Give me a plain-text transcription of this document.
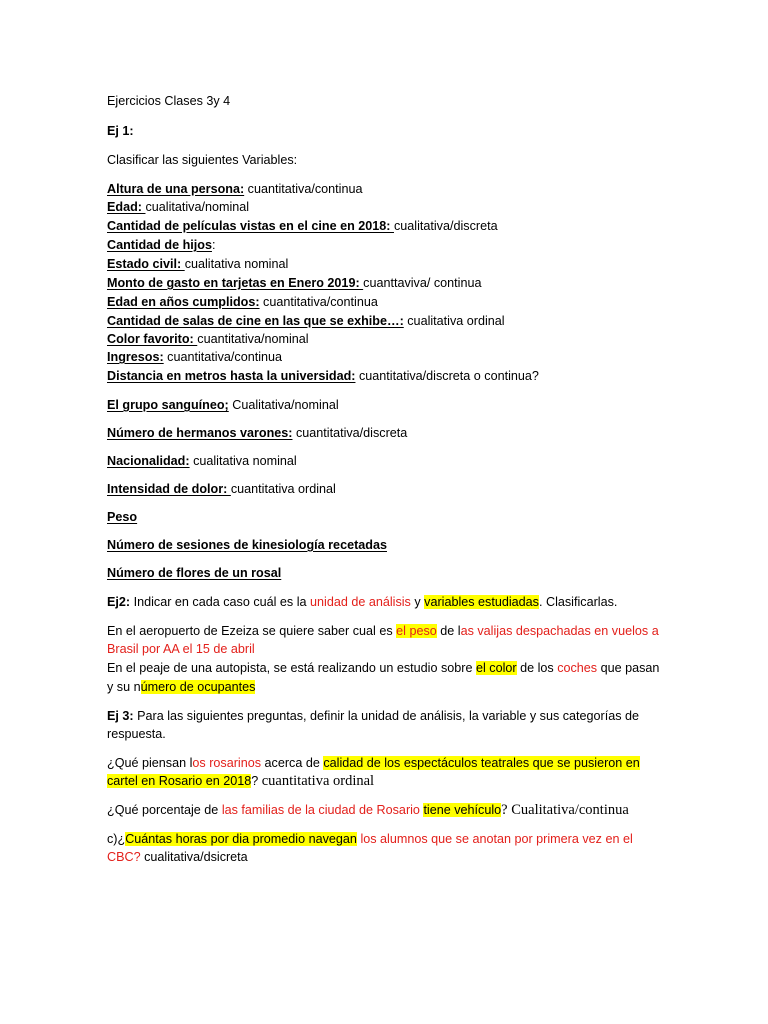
Ejercicios Clases 3y 4

Ej 1:

Clasificar las siguientes Variables:

Altura de una persona: cuantitativa/continua

Edad: cualitativa/nominal

Cantidad de películas vistas en el cine en 2018: cualitativa/discreta

Cantidad de hijos:

Estado civil: cualitativa nominal

Monto de gasto en tarjetas en Enero 2019: cuanttaviva/ continua

Edad en años cumplidos: cuantitativa/continua

Cantidad de salas de cine en las que se exhibe…: cualitativa ordinal

Color favorito: cuantitativa/nominal

Ingresos: cuantitativa/continua

Distancia en metros hasta la universidad: cuantitativa/discreta o continua?

El grupo sanguíneo; Cualitativa/nominal

Número de hermanos varones: cuantitativa/discreta

Nacionalidad: cualitativa nominal

Intensidad de dolor: cuantitativa ordinal

Peso

Número de sesiones de kinesiología recetadas

Número de flores de un rosal

Ej2: Indicar en cada caso cuál es la unidad de análisis y variables estudiadas. Clasificarlas.

En el aeropuerto de Ezeiza se quiere saber cual es el peso de las valijas despachadas en vuelos a

Brasil por AA el 15 de abril

En el peaje de una autopista, se está realizando un estudio sobre el color de los coches que pasan

y su número de ocupantes

Ej 3: Para las siguientes preguntas, definir la unidad de análisis, la variable y sus categorías de

respuesta.

¿Qué piensan los rosarinos acerca de calidad de los espectáculos teatrales que se pusieron en

cartel en Rosario en 2018? cuantitativa ordinal

¿Qué porcentaje de las familias de la ciudad de Rosario tiene vehículo? Cualitativa/continua

c)¿Cuántas horas por dia promedio navegan los alumnos que se anotan por primera vez en el

CBC? cualitativa/dsicreta
